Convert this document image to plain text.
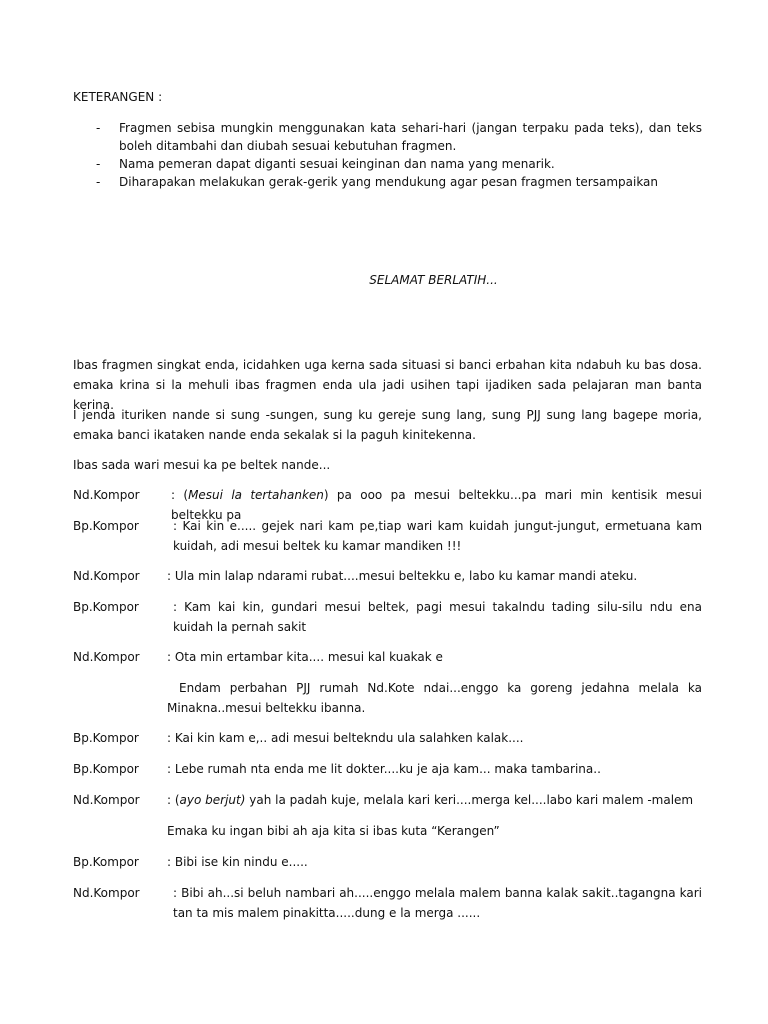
KETERANGEN :
-	Fragmen sebisa mungkin menggunakan kata sehari-hari (jangan terpaku pada teks), dan teks boleh ditambahi dan diubah sesuai kebutuhan fragmen.
-	Nama pemeran dapat diganti sesuai keinginan dan nama yang menarik.
-	Diharapakan melakukan gerak-gerik yang mendukung agar pesan fragmen tersampaikan
SELAMAT BERLATIH...
Ibas fragmen singkat enda, icidahken uga kerna sada situasi si banci erbahan kita ndabuh ku bas dosa. emaka krina si la mehuli ibas fragmen enda ula jadi usihen tapi ijadiken sada pelajaran man banta kerina.
I jenda ituriken nande si sung -sungen, sung ku gereje sung lang, sung PJJ sung lang bagepe moria, emaka banci ikataken nande enda sekalak si la paguh kinitekenna.
Ibas sada wari mesui ka pe beltek nande...
Nd.Kompor	: (Mesui la tertahanken) pa ooo pa mesui beltekku...pa mari min kentisik mesui beltekku pa
Bp.Kompor	: Kai kin e..... gejek nari kam pe,tiap wari kam kuidah jungut-jungut, ermetuana kam kuidah, adi mesui beltek ku kamar mandiken !!!
Nd.Kompor	: Ula min lalap ndarami rubat....mesui beltekku e, labo ku kamar mandi ateku.
Bp.Kompor	: Kam kai kin, gundari mesui beltek, pagi mesui takalndu tading silu-silu ndu ena kuidah la pernah sakit
Nd.Kompor	: Ota min ertambar kita.... mesui kal kuakak e
Endam perbahan PJJ rumah Nd.Kote ndai...enggo ka goreng jedahna melala ka Minakna..mesui beltekku ibanna.
Bp.Kompor	: Kai kin kam e,.. adi mesui beltekndu ula salahken kalak....
Bp.Kompor	: Lebe rumah nta enda me lit dokter....ku je aja kam... maka tambarina..
Nd.Kompor	: (ayo berjut) yah la padah kuje, melala kari keri....merga kel....labo kari malem -malem
Emaka ku ingan bibi ah aja kita si ibas kuta “Kerangen”
Bp.Kompor	: Bibi ise kin nindu e.....
Nd.Kompor	: Bibi ah...si beluh nambari ah.....enggo melala malem banna kalak sakit..tagangna kari tan ta mis malem pinakitta.....dung e la merga ......
